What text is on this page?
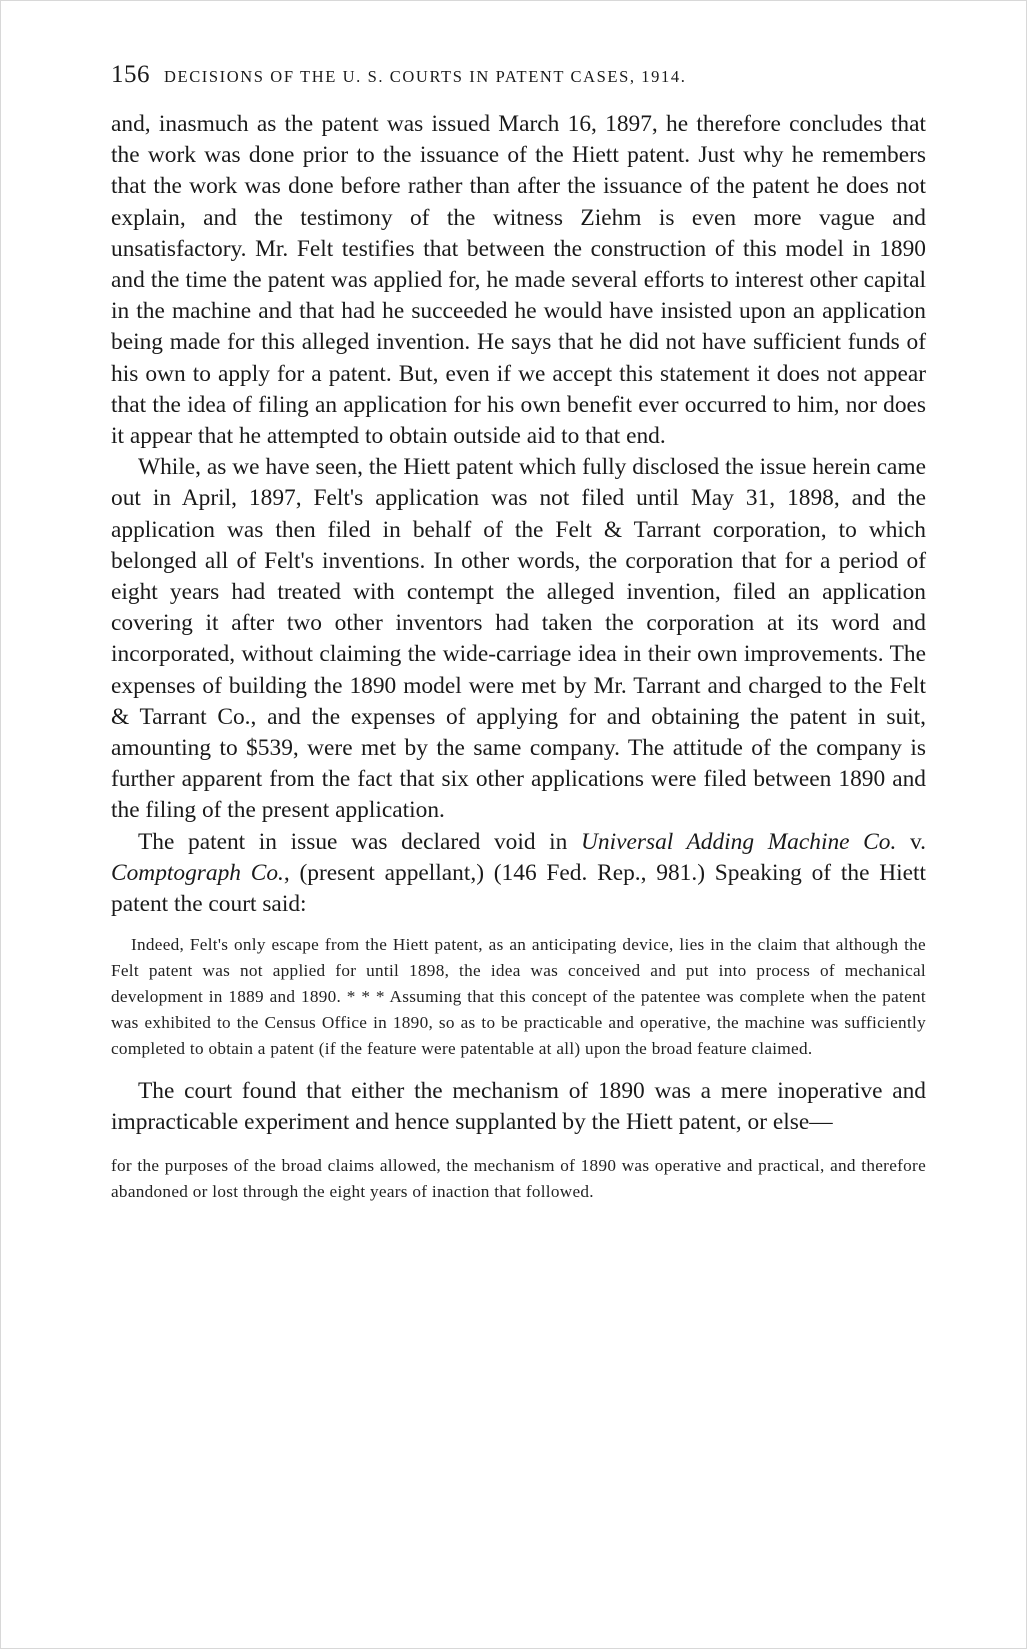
156 DECISIONS OF THE U. S. COURTS IN PATENT CASES, 1914.

and, inasmuch as the patent was issued March 16, 1897, he therefore concludes that the work was done prior to the issuance of the Hiett patent. Just why he remembers that the work was done before rather than after the issuance of the patent he does not explain, and the testimony of the witness Ziehm is even more vague and unsatisfactory. Mr. Felt testifies that between the construction of this model in 1890 and the time the patent was applied for, he made several efforts to interest other capital in the machine and that had he succeeded he would have insisted upon an application being made for this alleged invention. He says that he did not have sufficient funds of his own to apply for a patent. But, even if we accept this statement it does not appear that the idea of filing an application for his own benefit ever occurred to him, nor does it appear that he attempted to obtain outside aid to that end.

While, as we have seen, the Hiett patent which fully disclosed the issue herein came out in April, 1897, Felt's application was not filed until May 31, 1898, and the application was then filed in behalf of the Felt & Tarrant corporation, to which belonged all of Felt's inventions. In other words, the corporation that for a period of eight years had treated with contempt the alleged invention, filed an application covering it after two other inventors had taken the corporation at its word and incorporated, without claiming the wide-carriage idea in their own improvements. The expenses of building the 1890 model were met by Mr. Tarrant and charged to the Felt & Tarrant Co., and the expenses of applying for and obtaining the patent in suit, amounting to $539, were met by the same company. The attitude of the company is further apparent from the fact that six other applications were filed between 1890 and the filing of the present application.

The patent in issue was declared void in Universal Adding Machine Co. v. Comptograph Co., (present appellant,) (146 Fed. Rep., 981.) Speaking of the Hiett patent the court said:

Indeed, Felt's only escape from the Hiett patent, as an anticipating device, lies in the claim that although the Felt patent was not applied for until 1898, the idea was conceived and put into process of mechanical development in 1889 and 1890. * * * Assuming that this concept of the patentee was complete when the patent was exhibited to the Census Office in 1890, so as to be practicable and operative, the machine was sufficiently completed to obtain a patent (if the feature were patentable at all) upon the broad feature claimed.

The court found that either the mechanism of 1890 was a mere inoperative and impracticable experiment and hence supplanted by the Hiett patent, or else—

for the purposes of the broad claims allowed, the mechanism of 1890 was operative and practical, and therefore abandoned or lost through the eight years of inaction that followed.
